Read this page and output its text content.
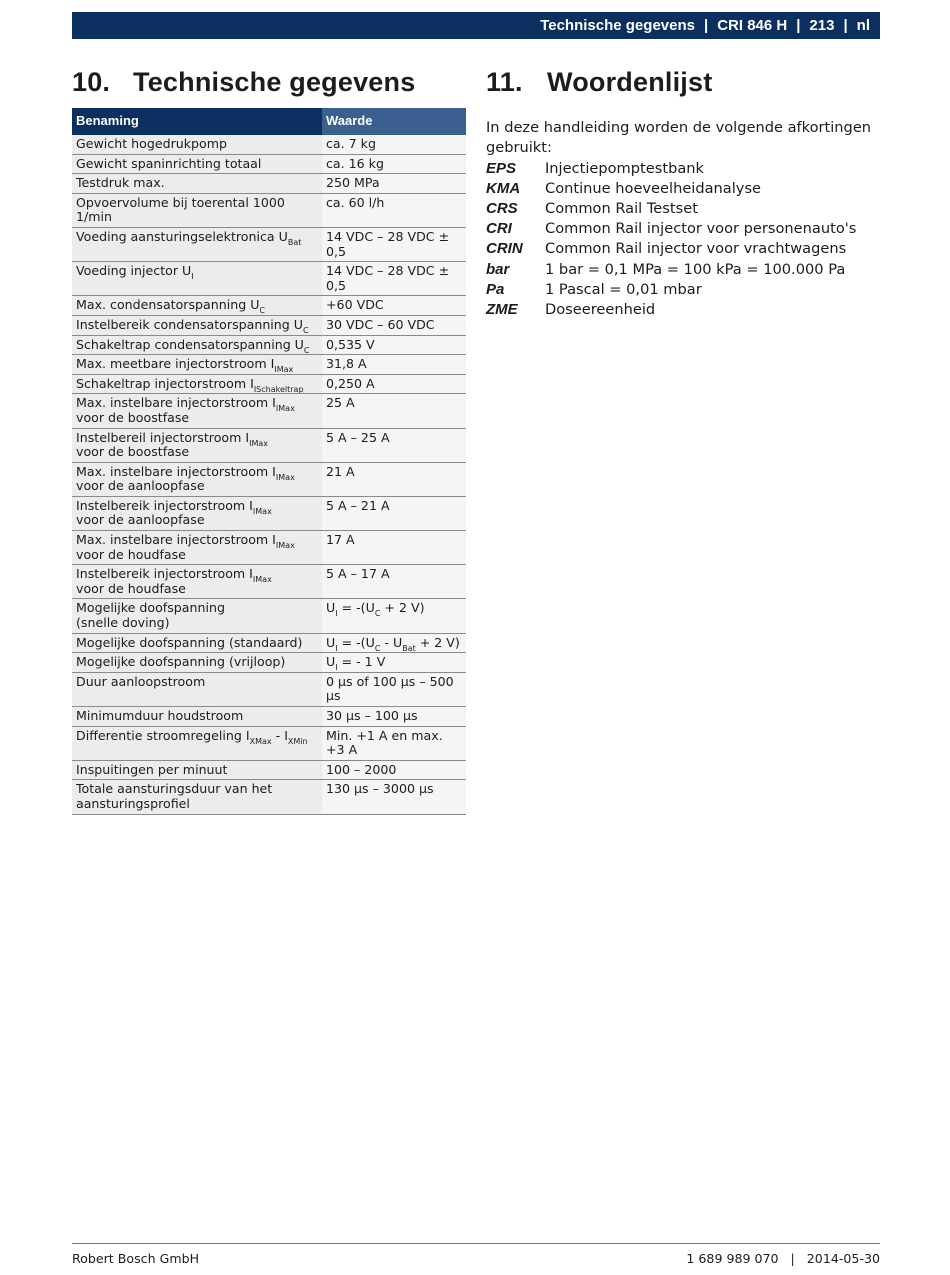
Technische gegevens | CRI 846 H | 213 | nl
10. Technische gegevens
Benaming	Waarde
Gewicht hogedrukpomp	ca. 7 kg
Gewicht spaninrichting totaal	ca. 16 kg
Testdruk max.	250 MPa
Opvoervolume bij toerental 1000 1/min	ca. 60 l/h
Voeding aansturingselektronica $U_{Bat}$	14 VDC – 28 VDC ± 0,5
Voeding injector $U_I$	14 VDC – 28 VDC ± 0,5
Max. condensatorspanning $U_C$	+60 VDC
Instelbereik condensatorspanning $U_C$	30 VDC – 60 VDC
Schakeltrap condensatorspanning $U_C$	0,535 V
Max. meetbare injectorstroom $I_{IMax}$	31,8 A
Schakeltrap injectorstroom $I_{ISchakeltrap}$	0,250 A
Max. instelbare injectorstroom $I_{IMax}$
voor de boostfase	25 A
Instelbereil injectorstroom $I_{IMax}$
voor de boostfase	5 A – 25 A
Max. instelbare injectorstroom $I_{IMax}$
voor de aanloopfase	21 A
Instelbereik injectorstroom $I_{IMax}$
voor de aanloopfase	5 A – 21 A
Max. instelbare injectorstroom $I_{IMax}$
voor de houdfase	17 A
Instelbereik injectorstroom $I_{IMax}$
voor de houdfase	5 A – 17 A
Mogelijke doofspanning
(snelle doving)	$U_I = -(U_C + 2$ V)
Mogelijke doofspanning (standaard)	$U_I = -(U_C - U_{Bat} + 2$ V)
Mogelijke doofspanning (vrijloop)	$U_I$ = - 1 V
Duur aanloopstroom	0 µs of 100 µs – 500
µs
Minimumduur houdstroom	30 µs – 100 µs
Differentie stroomregeling $I_{XMax} - I_{XMin}$	Min. +1 A en max.
+3 A
Inspuitingen per minuut	100 – 2000
Totale aansturingsduur van het
aansturingsprofiel	130 µs – 3000 µs
11. Woordenlijst

In deze handleiding worden de volgende afkortingen gebruikt:

EPS	Injectiepomptestbank
KMA	Continue hoeveelheidanalyse
CRS	Common Rail Testset
CRI	Common Rail injector voor personenauto's
CRIN	Common Rail injector voor vrachtwagens
bar	1 bar = 0,1 MPa = 100 kPa = 100.000 Pa
Pa	1 Pascal = 0,01 mbar
ZME	Doseereenheid
Robert Bosch GmbH	1 689 989 070 | 2014-05-30
